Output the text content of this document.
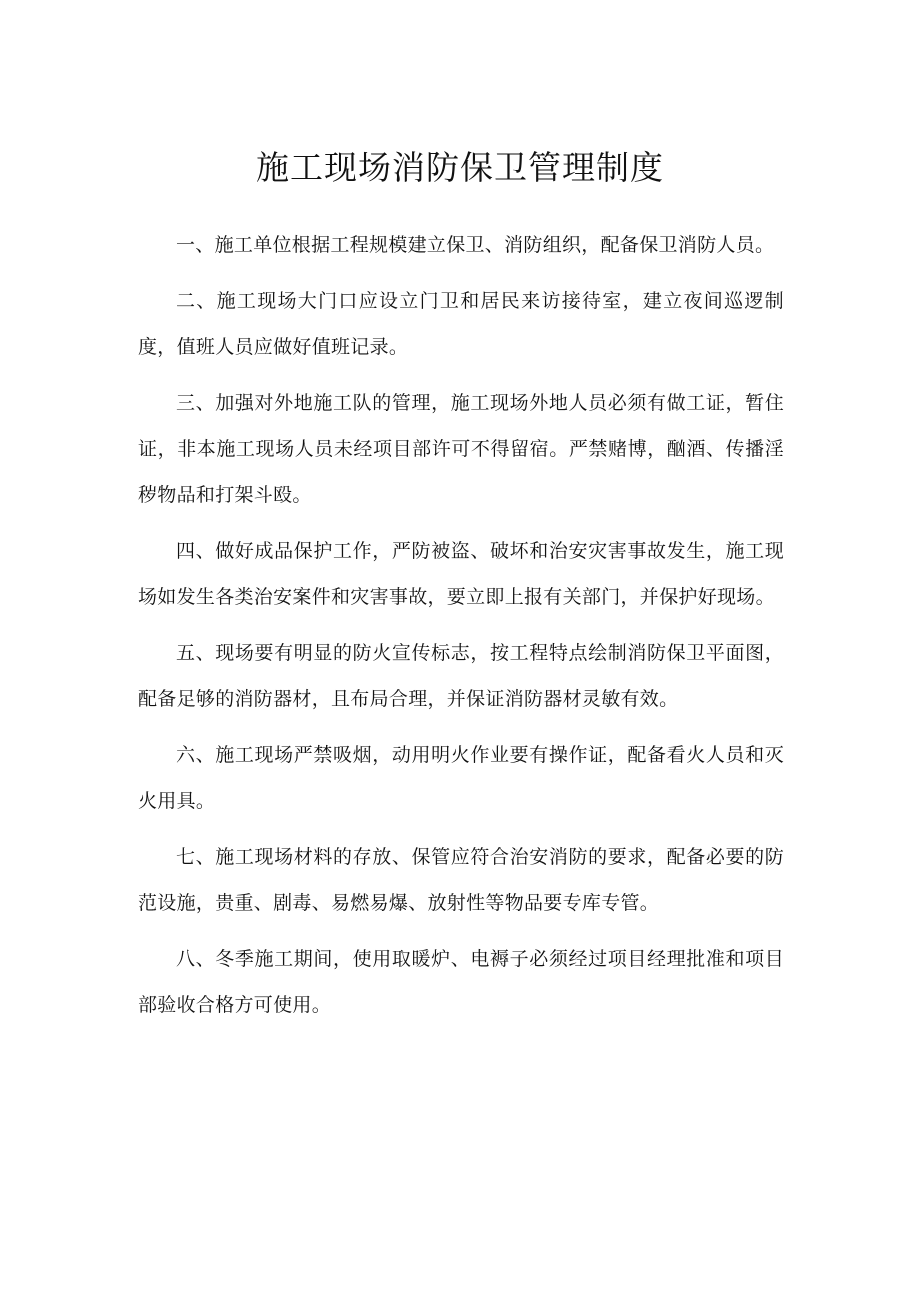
施工现场消防保卫管理制度

一、施工单位根据工程规模建立保卫、消防组织，配备保卫消防人员。

二、施工现场大门口应设立门卫和居民来访接待室，建立夜间巡逻制度，值班人员应做好值班记录。

三、加强对外地施工队的管理，施工现场外地人员必须有做工证，暂住证，非本施工现场人员未经项目部许可不得留宿。严禁赌博，酗酒、传播淫秽物品和打架斗殴。

四、做好成品保护工作，严防被盗、破坏和治安灾害事故发生，施工现场如发生各类治安案件和灾害事故，要立即上报有关部门，并保护好现场。

五、现场要有明显的防火宣传标志，按工程特点绘制消防保卫平面图，配备足够的消防器材，且布局合理，并保证消防器材灵敏有效。

六、施工现场严禁吸烟，动用明火作业要有操作证，配备看火人员和灭火用具。

七、施工现场材料的存放、保管应符合治安消防的要求，配备必要的防范设施，贵重、剧毒、易燃易爆、放射性等物品要专库专管。

八、冬季施工期间，使用取暖炉、电褥子必须经过项目经理批准和项目部验收合格方可使用。
